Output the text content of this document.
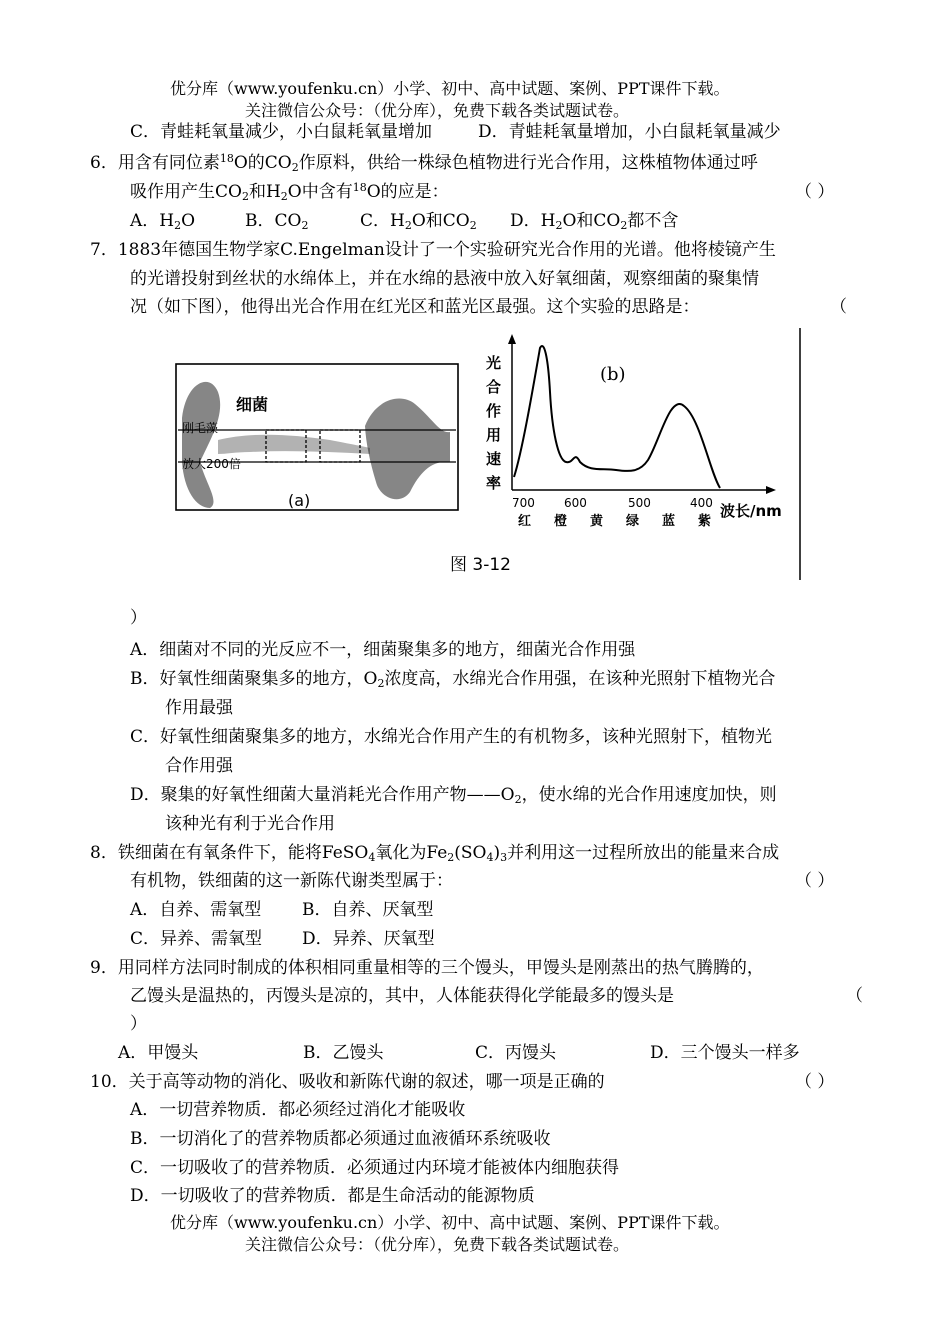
优分库（www.youfenku.cn）小学、初中、高中试题、案例、PPT课件下载。
关注微信公众号：（优分库），免费下载各类试题试卷。
C．青蛙耗氧量减少，小白鼠耗氧量增加	D．青蛙耗氧量增加，小白鼠耗氧量减少
6．用含有同位素$^{18}$O的$CO_2$作原料，供给一株绿色植物进行光合作用，这株植物体通过呼
吸作用产生$CO_2$和$H_2O$中含有$^{18}$O的应是：	（ ）
A．$H_2O$	B．$CO_2$	C．$H_2O$和$CO_2$ D．$H_2O$和$CO_2$都不含
7．1883年德国生物学家C.Engelman设计了一个实验研究光合作用的光谱。他将棱镜产生
的光谱投射到丝状的水绵体上，并在水绵的悬液中放入好氧细菌，观察细菌的聚集情
况（如下图），他得出光合作用在红光区和蓝光区最强。这个实验的思路是：	（
细菌
刚毛藻
放大200倍
(a)
光
合
作
用
速
率
(b)
700 600	500	400
红 橙 黄 绿 蓝 紫
波长/nm
图 3-12
）
A．细菌对不同的光反应不一，细菌聚集多的地方，细菌光合作用强
B．好氧性细菌聚集多的地方，$O_2$浓度高，水绵光合作用强，在该种光照射下植物光合
作用最强
C．好氧性细菌聚集多的地方，水绵光合作用产生的有机物多，该种光照射下，植物光
合作用强
D．聚集的好氧性细菌大量消耗光合作用产物$——O_2$，使水绵的光合作用速度加快，则
该种光有利于光合作用
8．铁细菌在有氧条件下，能将FeSO$_4$氧化为$Fe_2(SO_4)_3$并利用这一过程所放出的能量来合成
有机物，铁细菌的这一新陈代谢类型属于：	（ ）
A．自养、需氧型 B．自养、厌氧型
C．异养、需氧型 D．异养、厌氧型
9．用同样方法同时制成的体积相同重量相等的三个馒头，甲馒头是刚蒸出的热气腾腾的，
乙馒头是温热的，丙馒头是凉的，其中，人体能获得化学能最多的馒头是	（
）
A．甲馒头	B．乙馒头	C．丙馒头	D．三个馒头一样多
10．关于高等动物的消化、吸收和新陈代谢的叙述，哪一项是正确的	（ ）
A．一切营养物质．都必须经过消化才能吸收
B．一切消化了的营养物质都必须通过血液循环系统吸收
C．一切吸收了的营养物质．必须通过内环境才能被体内细胞获得
D．一切吸收了的营养物质．都是生命活动的能源物质
优分库（www.youfenku.cn）小学、初中、高中试题、案例、PPT课件下载。
关注微信公众号：（优分库），免费下载各类试题试卷。
